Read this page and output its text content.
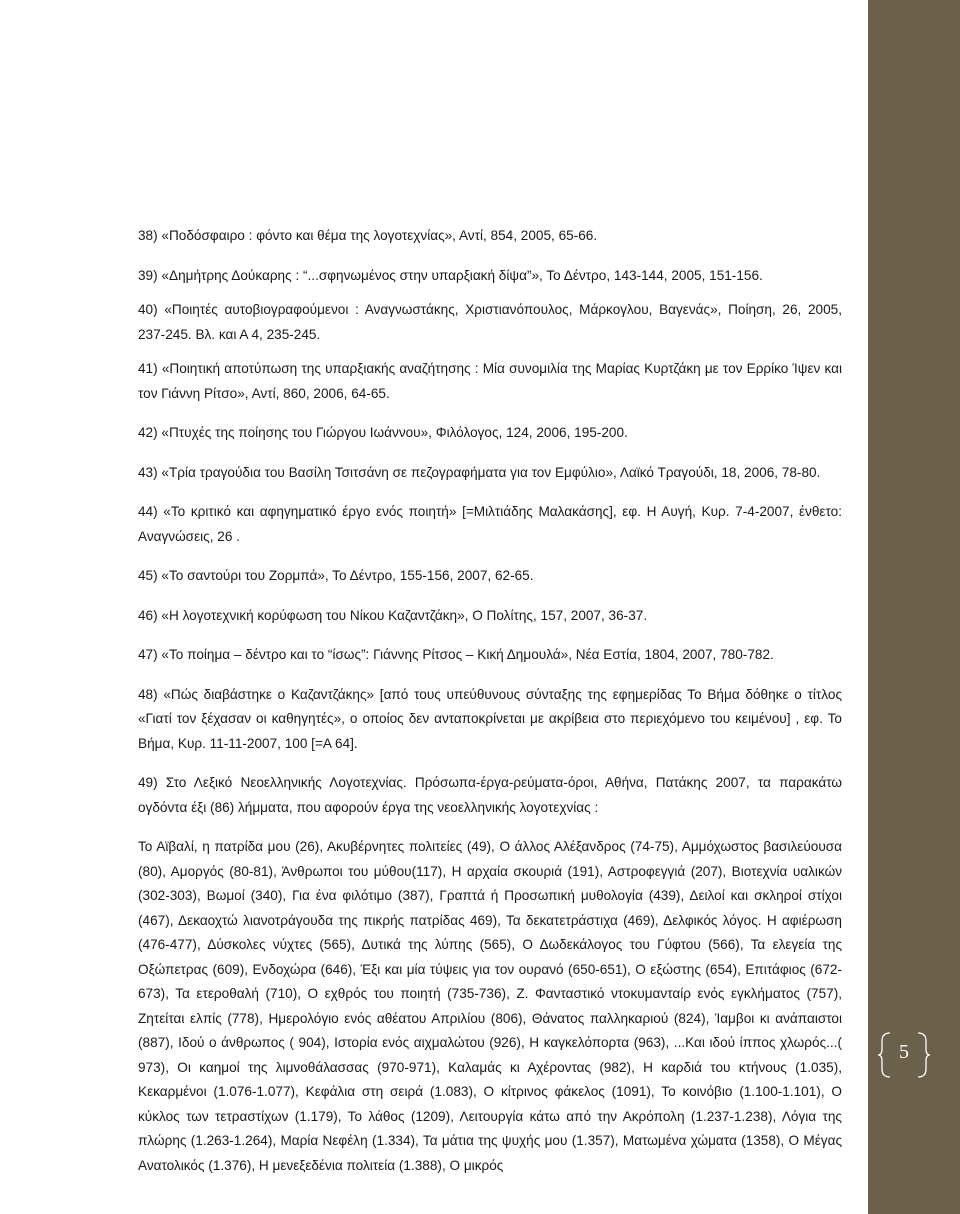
5

38) «Ποδόσφαιρο : φόντο και θέμα της λογοτεχνίας», Αντί, 854, 2005, 65-66.

39) «Δημήτρης Δούκαρης : “...σφηνωμένος στην υπαρξιακή δίψα”», Το Δέντρο, 143-144, 2005, 151-156.

40) «Ποιητές αυτοβιογραφούμενοι : Αναγνωστάκης, Χριστιανόπουλος, Μάρκογλου, Βαγενάς», Ποίηση, 26, 2005, 237-245. Βλ. και Α 4, 235-245.

41) «Ποιητική αποτύπωση της υπαρξιακής αναζήτησης : Μία συνομιλία της Μαρίας Κυρτζάκη με τον Ερρίκο Ίψεν και τον Γιάννη Ρίτσο», Αντί, 860, 2006, 64-65.

42) «Πτυχές της ποίησης του Γιώργου Ιωάννου», Φιλόλογος, 124, 2006, 195-200.

43) «Τρία τραγούδια του Βασίλη Τσιτσάνη σε πεζογραφήματα για τον Εμφύλιο», Λαϊκό Τραγούδι, 18, 2006, 78-80.

44) «Το κριτικό και αφηγηματικό έργο ενός ποιητή» [=Μιλτιάδης Μαλακάσης], εφ. Η Αυγή, Κυρ. 7-4-2007, ένθετο: Αναγνώσεις, 26 .

45) «Το σαντούρι του Ζορμπά», Το Δέντρο, 155-156, 2007, 62-65.

46) «Η λογοτεχνική κορύφωση του Νίκου Καζαντζάκη», Ο Πολίτης, 157, 2007, 36-37.

47) «Το ποίημα – δέντρο και το “ίσως”: Γιάννης Ρίτσος – Κική Δημουλά», Νέα Εστία, 1804, 2007, 780-782.

48) «Πώς διαβάστηκε ο Καζαντζάκης» [από τους υπεύθυνους σύνταξης της εφημερίδας Το Βήμα δόθηκε ο τίτλος «Γιατί τον ξέχασαν οι καθηγητές», ο οποίος δεν ανταποκρίνεται με ακρίβεια στο περιεχόμενο του κειμένου] , εφ. Το Βήμα, Κυρ. 11-11-2007, 100 [=Α 64].

49) Στο Λεξικό Νεοελληνικής Λογοτεχνίας. Πρόσωπα-έργα-ρεύματα-όροι, Αθήνα, Πατάκης 2007, τα παρακάτω ογδόντα έξι (86) λήμματα, που αφορούν έργα της νεοελληνικής λογοτεχνίας :

Το Αϊβαλί, η πατρίδα μου (26), Ακυβέρνητες πολιτείες (49), Ο άλλος Αλέξανδρος (74-75), Αμμόχωστος βασιλεύουσα (80), Αμοργός (80-81), Άνθρωποι του μύθου(117), Η αρχαία σκουριά (191), Αστροφεγγιά (207), Βιοτεχνία υαλικών (302-303), Βωμοί (340), Για ένα φιλότιμο (387), Γραπτά ή Προσωπική μυθολογία (439), Δειλοί και σκληροί στίχοι (467), Δεκαοχτώ λιανοτράγουδα της πικρής πατρίδας 469), Τα δεκατετράστιχα (469), Δελφικός λόγος. Η αφιέρωση (476-477), Δύσκολες νύχτες (565), Δυτικά της λύπης (565), Ο Δωδεκάλογος του Γύφτου (566), Τα ελεγεία της Οξώπετρας (609), Ενδοχώρα (646), Έξι και μία τύψεις για τον ουρανό (650-651), Ο εξώστης (654), Επιτάφιος (672-673), Τα ετεροθαλή (710), Ο εχθρός του ποιητή (735-736), Ζ. Φανταστικό ντοκυμανταίρ ενός εγκλήματος (757), Ζητείται ελπίς (778), Ημερολόγιο ενός αθέατου Απριλίου (806), Θάνατος παλληκαριού (824), Ίαμβοι κι ανάπαιστοι (887), Ιδού ο άνθρωπος ( 904), Ιστορία ενός αιχμαλώτου (926), Η καγκελόπορτα (963), ...Και ιδού ίππος χλωρός...( 973), Οι καημοί της λιμνοθάλασσας (970-971), Καλαμάς κι Αχέροντας (982), Η καρδιά του κτήνους (1.035), Κεκαρμένοι (1.076-1.077), Κεφάλια στη σειρά (1.083), Ο κίτρινος φάκελος (1091), Το κοινόβιο (1.100-1.101), Ο κύκλος των τετραστίχων (1.179), Το λάθος (1209), Λειτουργία κάτω από την Ακρόπολη (1.237-1.238), Λόγια της πλώρης (1.263-1.264), Μαρία Νεφέλη (1.334), Τα μάτια της ψυχής μου (1.357), Ματωμένα χώματα (1358), Ο Μέγας Ανατολικός (1.376), Η μενεξεδένια πολιτεία (1.388), Ο μικρός
